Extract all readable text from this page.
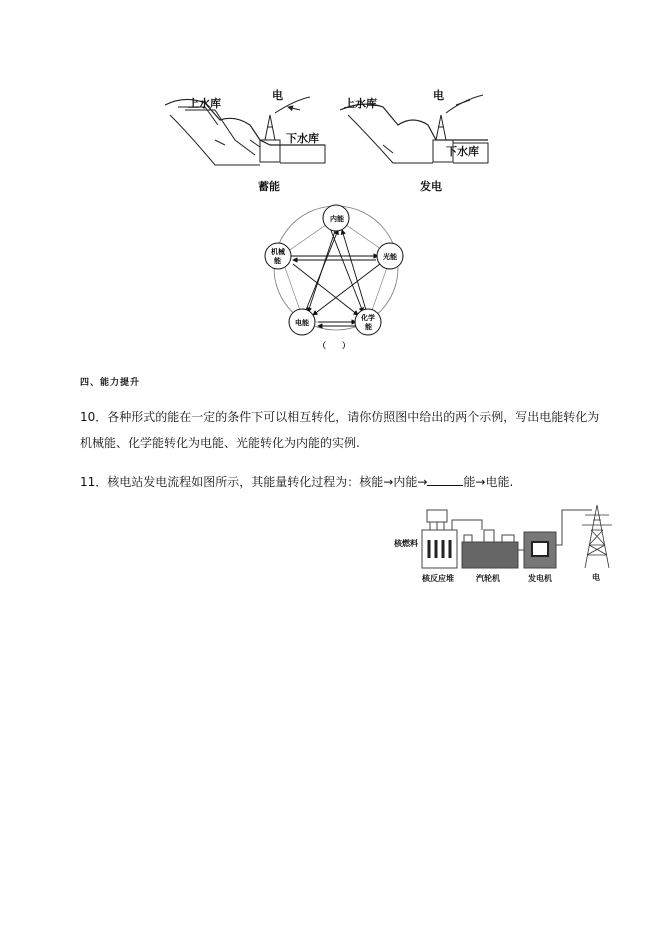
上水库
电
下水库
蓄能
上水库
电
下水库
发电
内能
机械
能	光能
电能
化学
能
（　　）
四、能力提升
10．各种形式的能在一定的条件下可以相互转化，请你仿照图中给出的两个示例，写出电能转化为
机械能、化学能转化为电能、光能转化为内能的实例.
11．核电站发电流程如图所示，其能量转化过程为：核能→内能→	能→电能.
核燃料
核反应堆	汽轮机	发电机	电
